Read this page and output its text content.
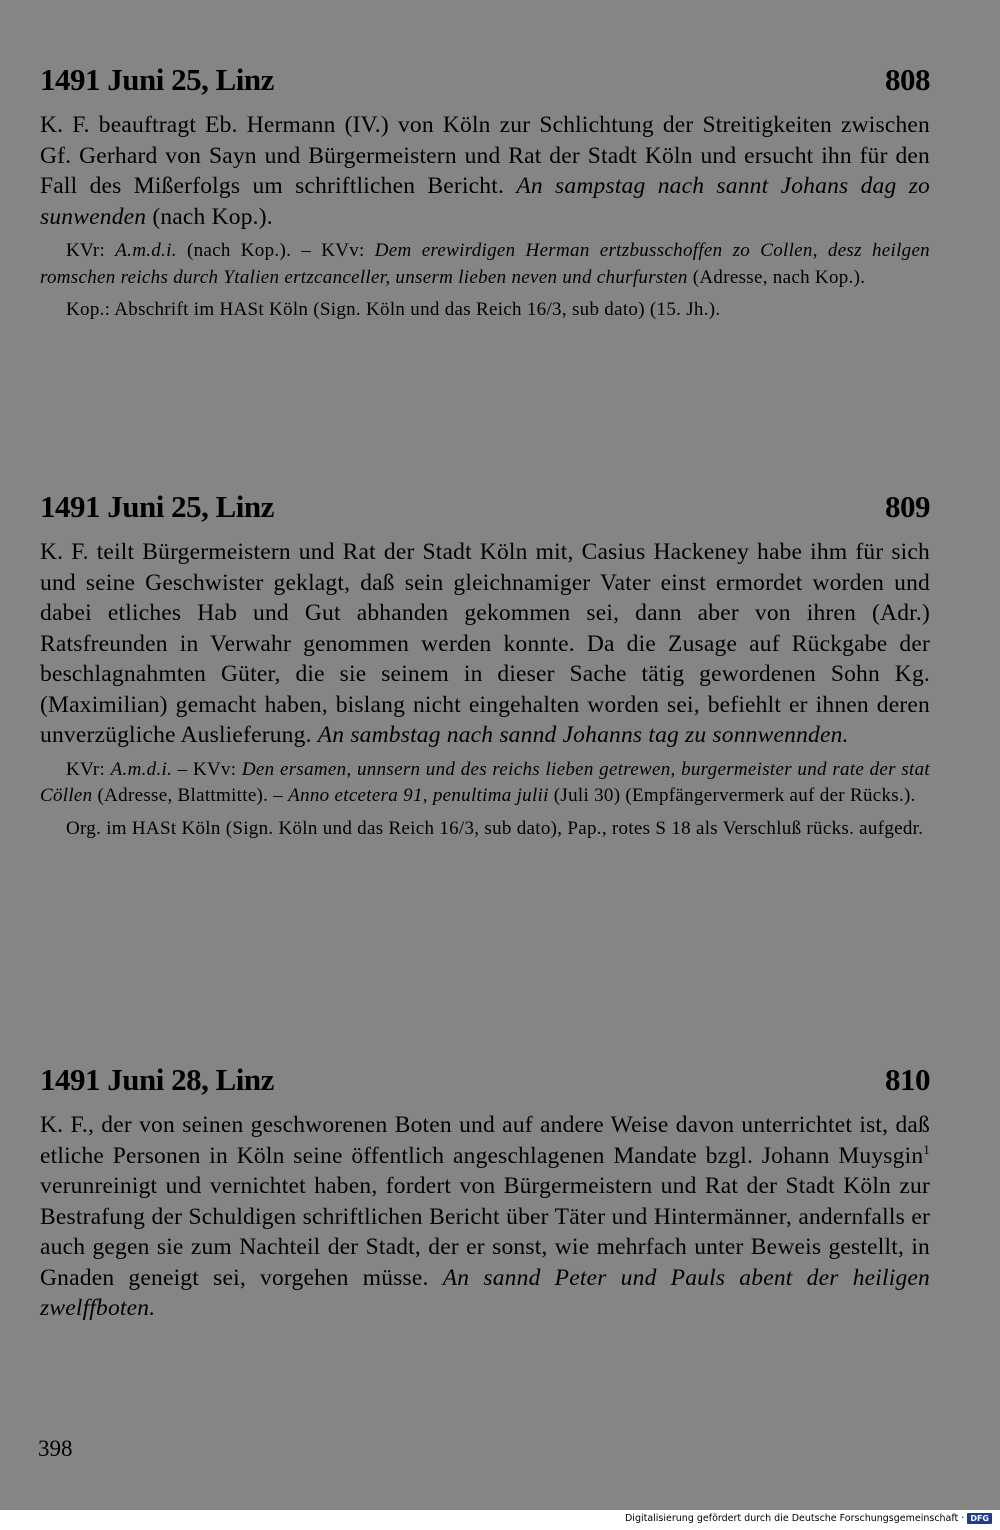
1491 Juni 25, Linz	808
K. F. beauftragt Eb. Hermann (IV.) von Köln zur Schlichtung der Streitigkeiten zwischen Gf. Gerhard von Sayn und Bürgermeistern und Rat der Stadt Köln und ersucht ihn für den Fall des Mißerfolgs um schriftlichen Bericht. An sampstag nach sannt Johans dag zo sunwenden (nach Kop.).
KVr: A.m.d.i. (nach Kop.). – KVv: Dem erewirdigen Herman ertzbusschoffen zo Collen, desz heilgen romschen reichs durch Ytalien ertzcanceller, unserm lieben neven und churfursten (Adresse, nach Kop.).
Kop.: Abschrift im HASt Köln (Sign. Köln und das Reich 16/3, sub dato) (15. Jh.).
1491 Juni 25, Linz	809
K. F. teilt Bürgermeistern und Rat der Stadt Köln mit, Casius Hackeney habe ihm für sich und seine Geschwister geklagt, daß sein gleichnamiger Vater einst ermordet worden und dabei etliches Hab und Gut abhanden gekommen sei, dann aber von ihren (Adr.) Ratsfreunden in Verwahr genommen werden konnte. Da die Zusage auf Rückgabe der beschlagnahmten Güter, die sie seinem in dieser Sache tätig gewordenen Sohn Kg. (Maximilian) gemacht haben, bislang nicht eingehalten worden sei, befiehlt er ihnen deren unverzügliche Auslieferung. An sambstag nach sannd Johanns tag zu sonnwennden.
KVr: A.m.d.i. – KVv: Den ersamen, unnsern und des reichs lieben getrewen, burgermeister und rate der stat Cöllen (Adresse, Blattmitte). – Anno etcetera 91, penultima julii (Juli 30) (Empfängervermerk auf der Rücks.).
Org. im HASt Köln (Sign. Köln und das Reich 16/3, sub dato), Pap., rotes S 18 als Verschluß rücks. aufgedr.
1491 Juni 28, Linz	810
K. F., der von seinen geschworenen Boten und auf andere Weise davon unterrichtet ist, daß etliche Personen in Köln seine öffentlich angeschlagenen Mandate bzgl. Johann Muysgin$^1$ verunreinigt und vernichtet haben, fordert von Bürgermeistern und Rat der Stadt Köln zur Bestrafung der Schuldigen schriftlichen Bericht über Täter und Hintermänner, andernfalls er auch gegen sie zum Nachteil der Stadt, der er sonst, wie mehrfach unter Beweis gestellt, in Gnaden geneigt sei, vorgehen müsse. An sannd Peter und Pauls abent der heiligen zwelffboten.
398
Digitalisierung gefördert durch die Deutsche Forschungsgemeinschaft · DFG
